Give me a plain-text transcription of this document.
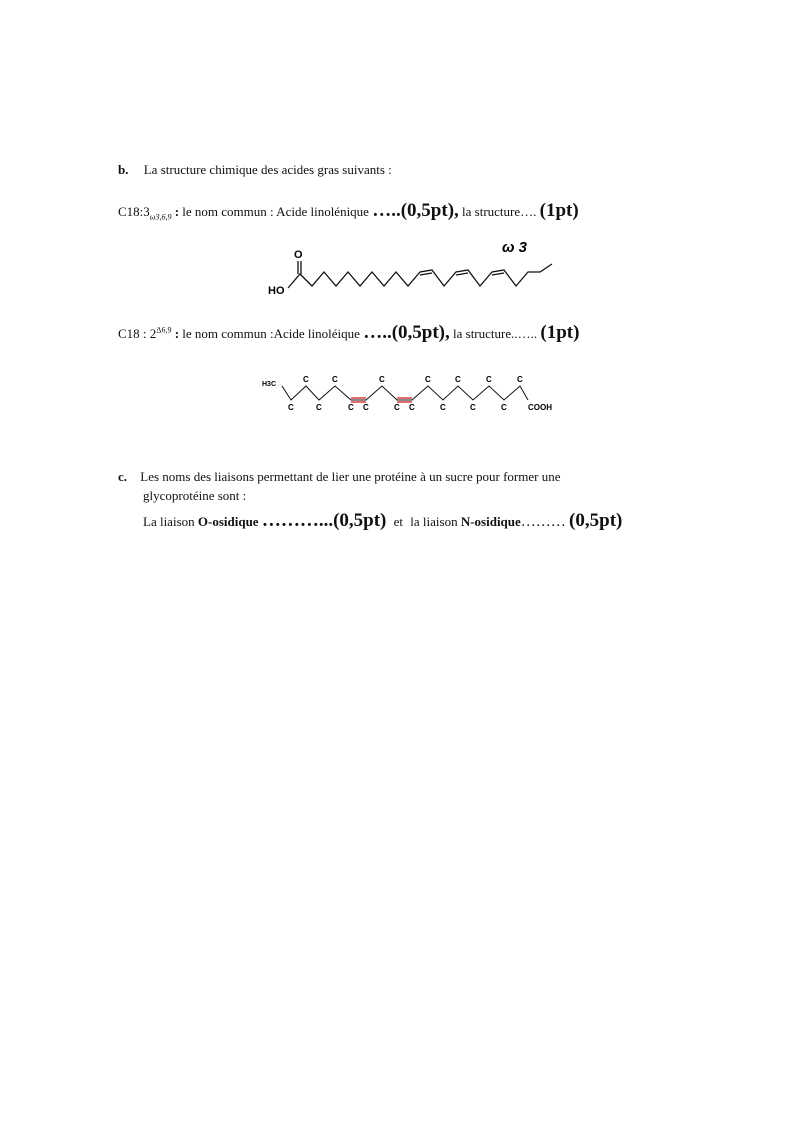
b. La structure chimique des acides gras suivants :
$C18:3_{\omega 3,6,9}$ : le nom commun : Acide linolénique …..(0,5pt), la structure…. (1pt)
O
HO
ω 3
C18 : $2^{\Delta 6,9}$ : le nom commun :Acide linoléique …..(0,5pt), la structure..….. (1pt)
H3C
C	C	C	C	C	C	C
C	C	C C	C C	C	C	C	COOH
c. Les noms des liaisons permettant de lier une protéine à un sucre pour former une
glycoprotéine sont :
La liaison O-osidique ………...(0,5pt) et la liaison N-osidique……… (0,5pt)
